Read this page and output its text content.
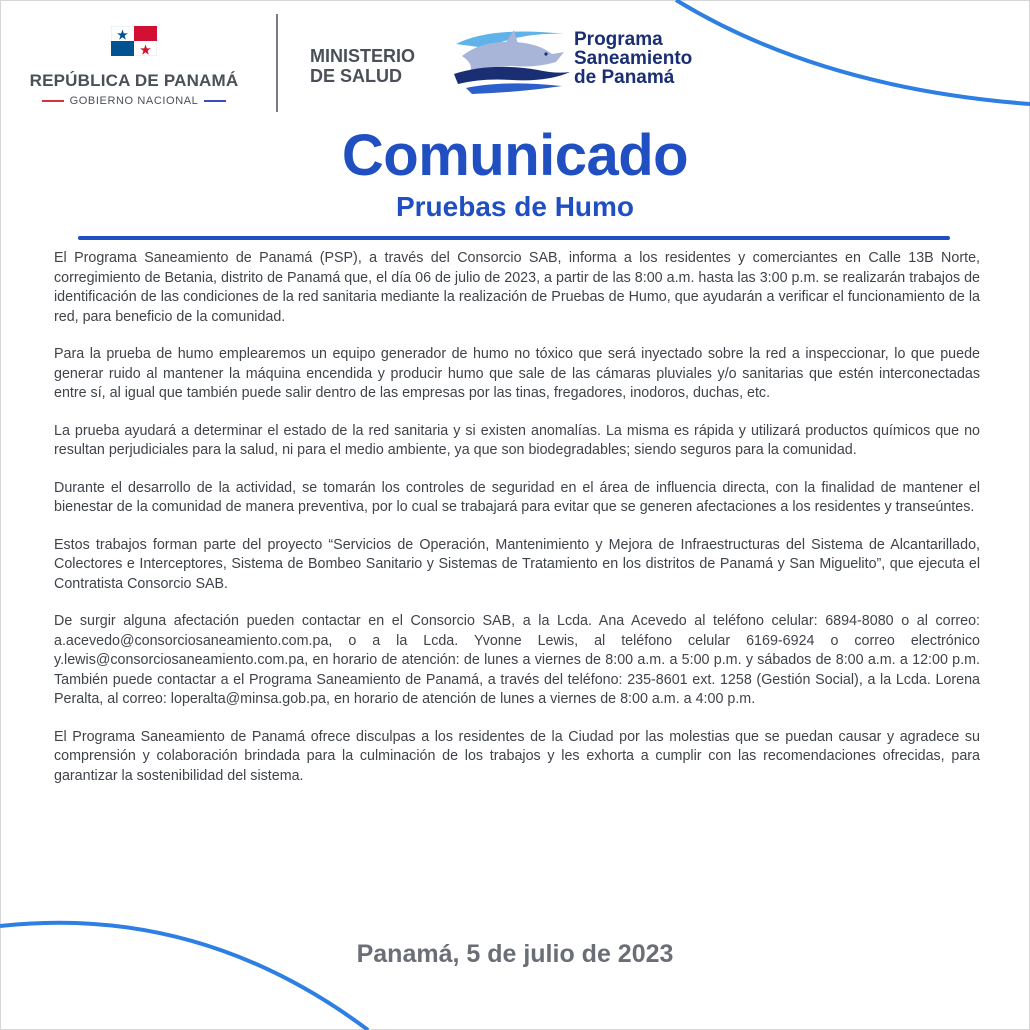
REPÚBLICA DE PANAMÁ
GOBIERNO NACIONAL
MINISTERIO
DE SALUD
Programa
Saneamiento
de Panamá
Comunicado
Pruebas de Humo

El Programa Saneamiento de Panamá (PSP), a través del Consorcio SAB, informa a los residentes y comerciantes en Calle 13B Norte, corregimiento de Betania, distrito de Panamá que, el día 06 de julio de 2023, a partir de las 8:00 a.m. hasta las 3:00 p.m. se realizarán trabajos de identificación de las condiciones de la red sanitaria mediante la realización de Pruebas de Humo, que ayudarán a verificar el funcionamiento de la red, para beneficio de la comunidad.

Para la prueba de humo emplearemos un equipo generador de humo no tóxico que será inyectado sobre la red a inspeccionar, lo que puede generar ruido al mantener la máquina encendida y producir humo que sale de las cámaras pluviales y/o sanitarias que estén interconectadas entre sí, al igual que también puede salir dentro de las empresas por las tinas, fregadores, inodoros, duchas, etc.

La prueba ayudará a determinar el estado de la red sanitaria y si existen anomalías. La misma es rápida y utilizará productos químicos que no resultan perjudiciales para la salud, ni para el medio ambiente, ya que son biodegradables; siendo seguros para la comunidad.

Durante el desarrollo de la actividad, se tomarán los controles de seguridad en el área de influencia directa, con la finalidad de mantener el bienestar de la comunidad de manera preventiva, por lo cual se trabajará para evitar que se generen afectaciones a los residentes y transeúntes.

Estos trabajos forman parte del proyecto “Servicios de Operación, Mantenimiento y Mejora de Infraestructuras del Sistema de Alcantarillado, Colectores e Interceptores, Sistema de Bombeo Sanitario y Sistemas de Tratamiento en los distritos de Panamá y San Miguelito”, que ejecuta el Contratista Consorcio SAB.

De surgir alguna afectación pueden contactar en el Consorcio SAB, a la Lcda. Ana Acevedo al teléfono celular: 6894-8080 o al correo: a.acevedo@consorciosaneamiento.com.pa, o a la Lcda. Yvonne Lewis, al teléfono celular 6169-6924 o correo electrónico y.lewis@consorciosaneamiento.com.pa, en horario de atención: de lunes a viernes de 8:00 a.m. a 5:00 p.m. y sábados de 8:00 a.m. a 12:00 p.m. También puede contactar a el Programa Saneamiento de Panamá, a través del teléfono: 235-8601 ext. 1258 (Gestión Social), a la Lcda. Lorena Peralta, al correo: loperalta@minsa.gob.pa, en horario de atención de lunes a viernes de 8:00 a.m. a 4:00 p.m.

El Programa Saneamiento de Panamá ofrece disculpas a los residentes de la Ciudad por las molestias que se puedan causar y agradece su comprensión y colaboración brindada para la culminación de los trabajos y les exhorta a cumplir con las recomendaciones ofrecidas, para garantizar la sostenibilidad del sistema.

Panamá, 5 de julio de 2023
